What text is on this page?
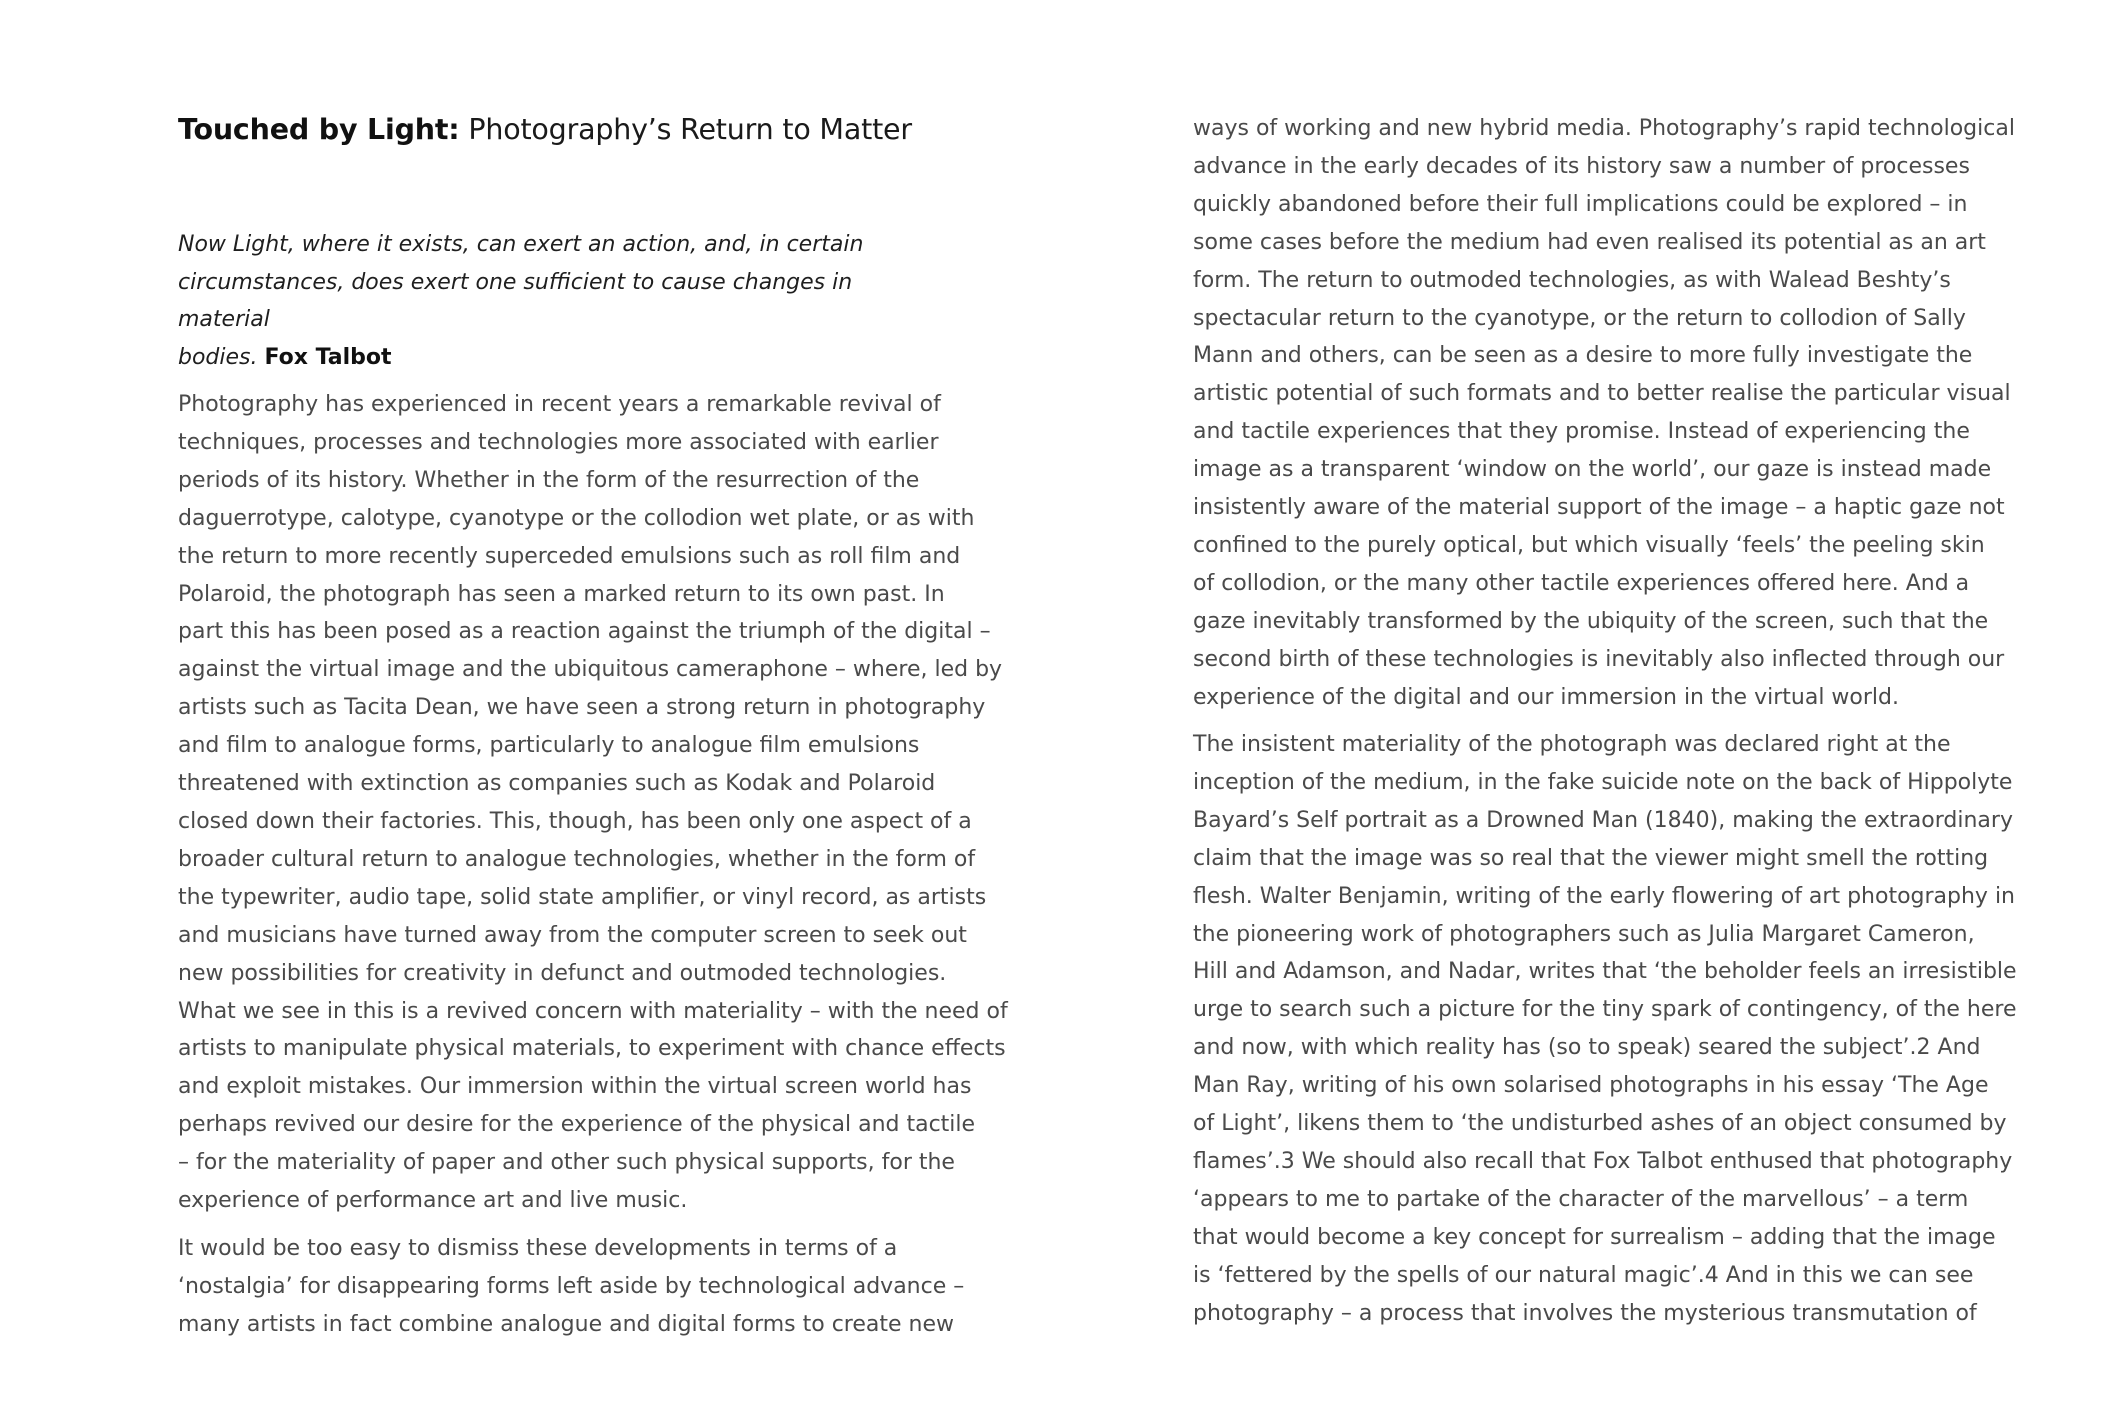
Touched by Light: Photography’s Return to Matter

Now Light, where it exists, can exert an action, and, in certain
circumstances, does exert one sufficient to cause changes in material
bodies. Fox Talbot

Photography has experienced in recent years a remarkable revival of
techniques, processes and technologies more associated with earlier
periods of its history. Whether in the form of the resurrection of the
daguerrotype, calotype, cyanotype or the collodion wet plate, or as with
the return to more recently superceded emulsions such as roll film and
Polaroid, the photograph has seen a marked return to its own past. In
part this has been posed as a reaction against the triumph of the digital –
against the virtual image and the ubiquitous cameraphone – where, led by
artists such as Tacita Dean, we have seen a strong return in photography
and film to analogue forms, particularly to analogue film emulsions
threatened with extinction as companies such as Kodak and Polaroid
closed down their factories. This, though, has been only one aspect of a
broader cultural return to analogue technologies, whether in the form of
the typewriter, audio tape, solid state amplifier, or vinyl record, as artists
and musicians have turned away from the computer screen to seek out
new possibilities for creativity in defunct and outmoded technologies.
What we see in this is a revived concern with materiality – with the need of
artists to manipulate physical materials, to experiment with chance effects
and exploit mistakes. Our immersion within the virtual screen world has
perhaps revived our desire for the experience of the physical and tactile
– for the materiality of paper and other such physical supports, for the
experience of performance art and live music.

It would be too easy to dismiss these developments in terms of a
‘nostalgia’ for disappearing forms left aside by technological advance –
many artists in fact combine analogue and digital forms to create new

ways of working and new hybrid media. Photography’s rapid technological
advance in the early decades of its history saw a number of processes
quickly abandoned before their full implications could be explored – in
some cases before the medium had even realised its potential as an art
form. The return to outmoded technologies, as with Walead Beshty’s
spectacular return to the cyanotype, or the return to collodion of Sally
Mann and others, can be seen as a desire to more fully investigate the
artistic potential of such formats and to better realise the particular visual
and tactile experiences that they promise. Instead of experiencing the
image as a transparent ‘window on the world’, our gaze is instead made
insistently aware of the material support of the image – a haptic gaze not
confined to the purely optical, but which visually ‘feels’ the peeling skin
of collodion, or the many other tactile experiences offered here. And a
gaze inevitably transformed by the ubiquity of the screen, such that the
second birth of these technologies is inevitably also inflected through our
experience of the digital and our immersion in the virtual world.

The insistent materiality of the photograph was declared right at the
inception of the medium, in the fake suicide note on the back of Hippolyte
Bayard’s Self portrait as a Drowned Man (1840), making the extraordinary
claim that the image was so real that the viewer might smell the rotting
flesh. Walter Benjamin, writing of the early flowering of art photography in
the pioneering work of photographers such as Julia Margaret Cameron,
Hill and Adamson, and Nadar, writes that ‘the beholder feels an irresistible
urge to search such a picture for the tiny spark of contingency, of the here
and now, with which reality has (so to speak) seared the subject’.2 And
Man Ray, writing of his own solarised photographs in his essay ‘The Age
of Light’, likens them to ‘the undisturbed ashes of an object consumed by
flames’.3 We should also recall that Fox Talbot enthused that photography
‘appears to me to partake of the character of the marvellous’ – a term
that would become a key concept for surrealism – adding that the image
is ‘fettered by the spells of our natural magic’.4 And in this we can see
photography – a process that involves the mysterious transmutation of
